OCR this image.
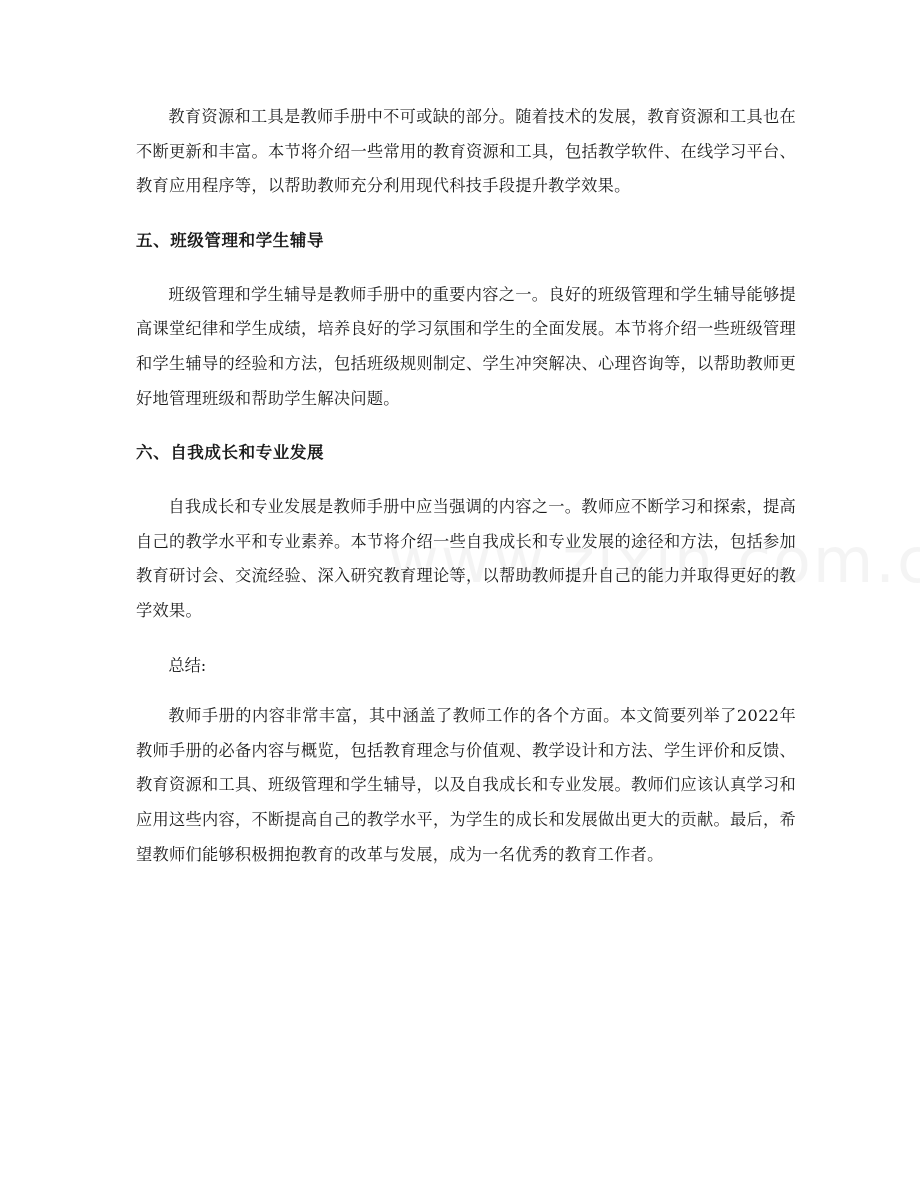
教育资源和工具是教师手册中不可或缺的部分。随着技术的发展，教育资源和工具也在不断更新和丰富。本节将介绍一些常用的教育资源和工具，包括教学软件、在线学习平台、教育应用程序等，以帮助教师充分利用现代科技手段提升教学效果。

五、班级管理和学生辅导

班级管理和学生辅导是教师手册中的重要内容之一。良好的班级管理和学生辅导能够提高课堂纪律和学生成绩，培养良好的学习氛围和学生的全面发展。本节将介绍一些班级管理和学生辅导的经验和方法，包括班级规则制定、学生冲突解决、心理咨询等，以帮助教师更好地管理班级和帮助学生解决问题。

六、自我成长和专业发展

自我成长和专业发展是教师手册中应当强调的内容之一。教师应不断学习和探索，提高自己的教学水平和专业素养。本节将介绍一些自我成长和专业发展的途径和方法，包括参加教育研讨会、交流经验、深入研究教育理论等，以帮助教师提升自己的能力并取得更好的教学效果。

总结:

教师手册的内容非常丰富，其中涵盖了教师工作的各个方面。本文简要列举了2022年教师手册的必备内容与概览，包括教育理念与价值观、教学设计和方法、学生评价和反馈、教育资源和工具、班级管理和学生辅导，以及自我成长和专业发展。教师们应该认真学习和应用这些内容，不断提高自己的教学水平，为学生的成长和发展做出更大的贡献。最后，希望教师们能够积极拥抱教育的改革与发展，成为一名优秀的教育工作者。
